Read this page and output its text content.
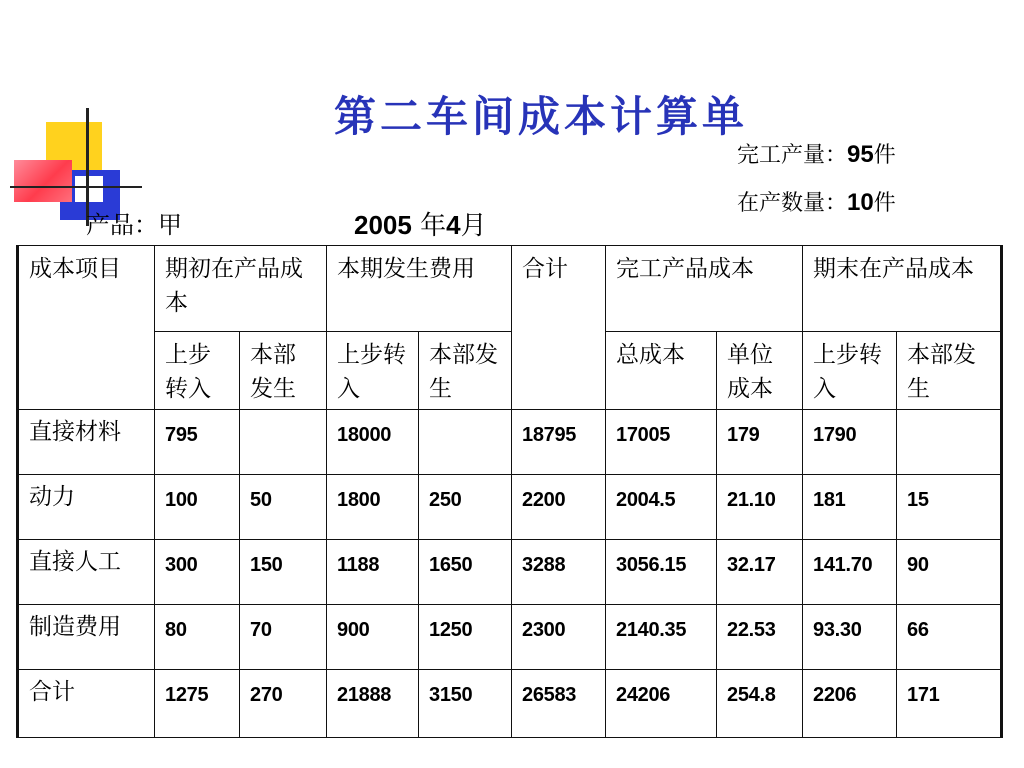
第二车间成本计算单
完工产量：95件
在产数量：10件
产品：甲	2005 年4月
成本项目	期初在产品成本		本期发生费用		合计	完工产品成本		期末在产品成本	
	上步转入	本部发生	上步转入	本部发生		总成本	单位成本	上步转入	本部发生
直接材料	795		18000		18795	17005	179	1790	
动力	100	50	1800	250	2200	2004.5	21.10	181	15
直接人工	300	150	1188	1650	3288	3056.15	32.17	141.70	90
制造费用	80	70	900	1250	2300	2140.35	22.53	93.30	66
合计	1275	270	21888	3150	26583	24206	254.8	2206	171
